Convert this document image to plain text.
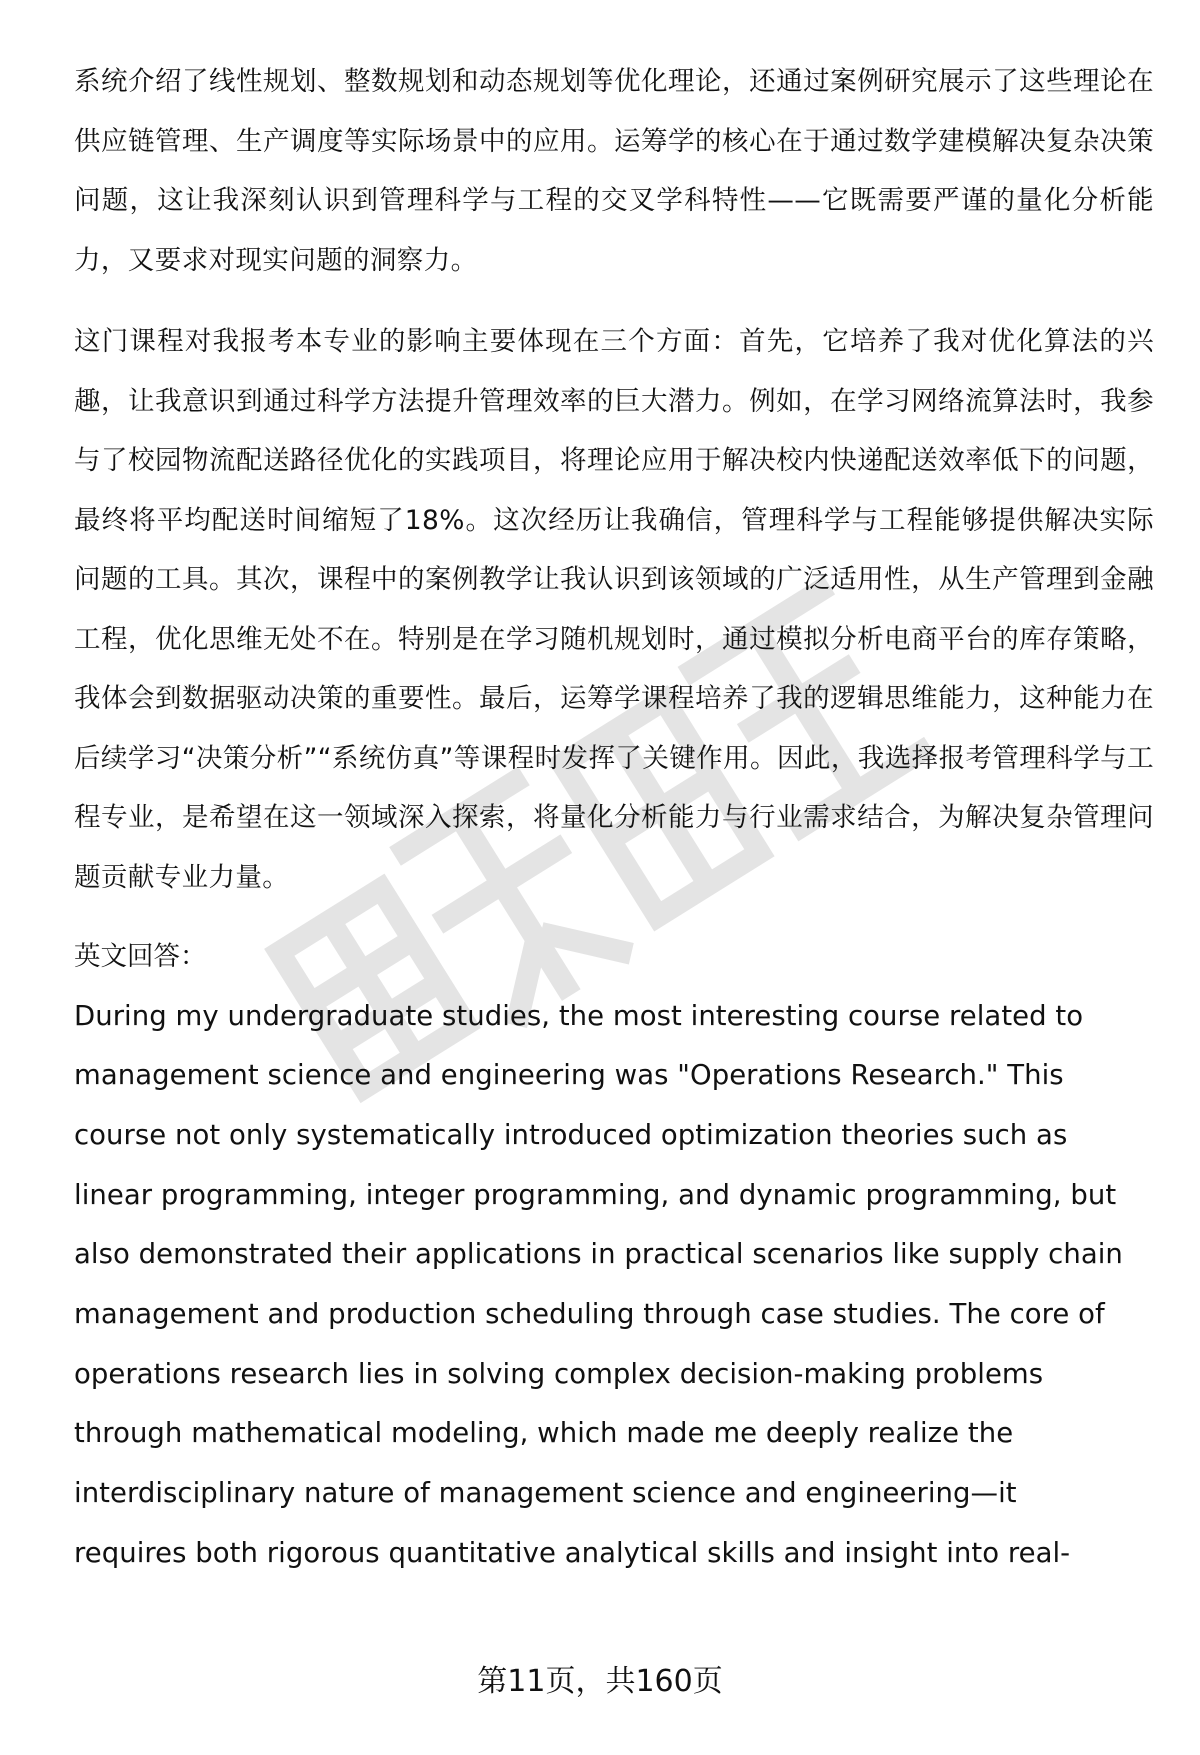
系统介绍了线性规划、整数规划和动态规划等优化理论，还通过案例研究展示了这些理论在供应链管理、生产调度等实际场景中的应用。运筹学的核心在于通过数学建模解决复杂决策问题，这让我深刻认识到管理科学与工程的交叉学科特性——它既需要严谨的量化分析能力，又要求对现实问题的洞察力。

这门课程对我报考本专业的影响主要体现在三个方面：首先，它培养了我对优化算法的兴趣，让我意识到通过科学方法提升管理效率的巨大潜力。例如，在学习网络流算法时，我参与了校园物流配送路径优化的实践项目，将理论应用于解决校内快递配送效率低下的问题，最终将平均配送时间缩短了18%。这次经历让我确信，管理科学与工程能够提供解决实际问题的工具。其次，课程中的案例教学让我认识到该领域的广泛适用性，从生产管理到金融工程，优化思维无处不在。特别是在学习随机规划时，通过模拟分析电商平台的库存策略，我体会到数据驱动决策的重要性。最后，运筹学课程培养了我的逻辑思维能力，这种能力在后续学习“决策分析”“系统仿真”等课程时发挥了关键作用。因此，我选择报考管理科学与工程专业，是希望在这一领域深入探索，将量化分析能力与行业需求结合，为解决复杂管理问题贡献专业力量。

英文回答：

During my undergraduate studies, the most interesting course related to
management science and engineering was "Operations Research." This
course not only systematically introduced optimization theories such as
linear programming, integer programming, and dynamic programming, but
also demonstrated their applications in practical scenarios like supply chain
management and production scheduling through case studies. The core of
operations research lies in solving complex decision-making problems
through mathematical modeling, which made me deeply realize the
interdisciplinary nature of management science and engineering—it
requires both rigorous quantitative analytical skills and insight into real-
第11页，共160页
